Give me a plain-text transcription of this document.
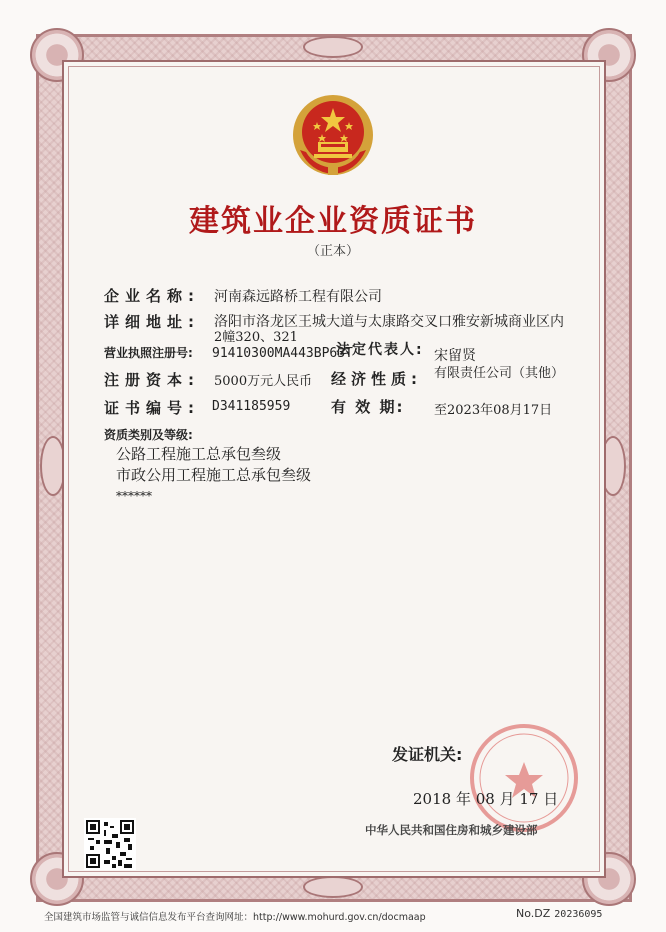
建筑业企业资质证书
（正本）
企业名称: 河南森远路桥工程有限公司
详细地址: 洛阳市洛龙区王城大道与太康路交叉口雅安新城商业区内
2幢320、321
营业执照注册号: 91410300MA443BP63T
法定代表人: 宋留贤
注册资本: 5000万元人民币 经济性质: 有限责任公司（其他）
证书编号: D341185959	有 效 期: 至2023年08月17日
资质类别及等级:
公路工程施工总承包叁级
市政公用工程施工总承包叁级
******
发证机关:
2018 年 08 月 17 日
中华人民共和国住房和城乡建设部
全国建筑市场监管与诚信信息发布平台查询网址：http://www.mohurd.gov.cn/docmaap	No.DZ 20236095
